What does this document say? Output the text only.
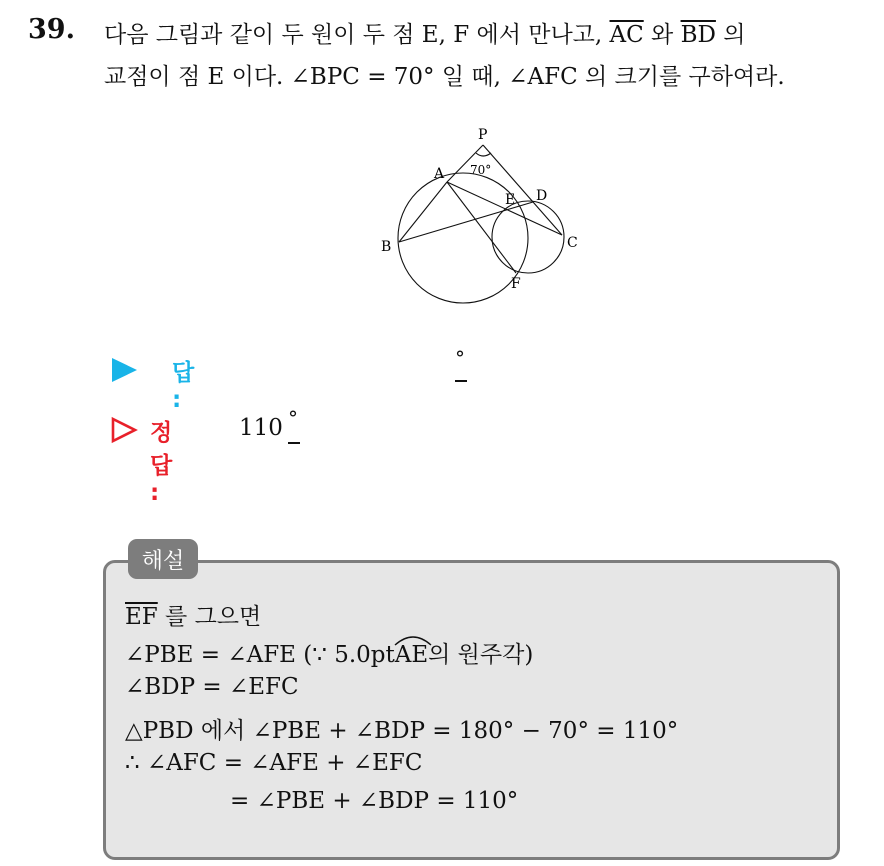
39. 다음 그림과 같이 두 원이 두 점 E, F 에서 만나고, $\overline{AC}$ 와 $\overline{BD}$ 의
교점이 점 E 이다. ∠BPC = 70° 일 때, ∠AFC 의 크기를 구하여라.
P
A
B	C
D
E
F
70°
답 :
°
정답 :
110 °
해설
$\overline{EF}$ 를 그으면
∠PBE = ∠AFE (∵ 5.0pt
AE의 원주각)
∠BDP = ∠EFC
△PBD 에서 ∠PBE + ∠BDP = 180° − 70° = 110°
∴ ∠AFC = ∠AFE + ∠EFC
= ∠PBE + ∠BDP = 110°
